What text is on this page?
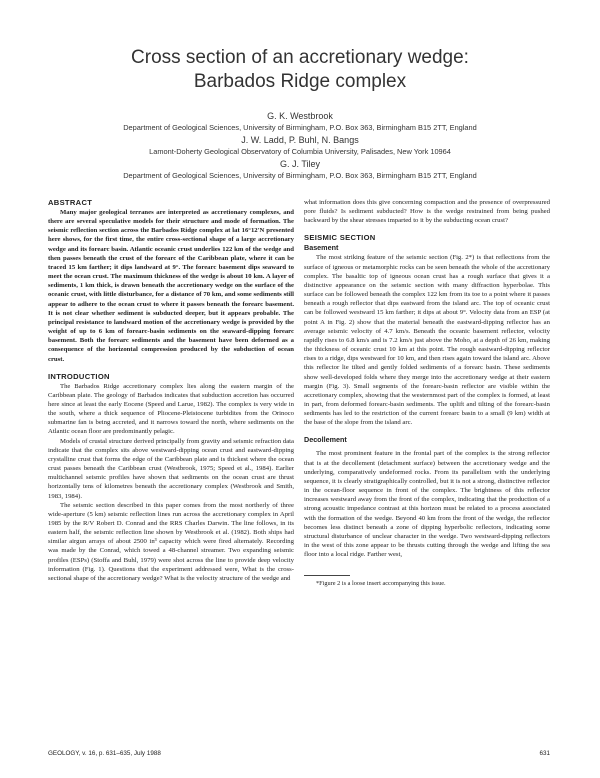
Cross section of an accretionary wedge:
Barbados Ridge complex
G. K. Westbrook
Department of Geological Sciences, University of Birmingham, P.O. Box 363, Birmingham B15 2TT, England
J. W. Ladd, P. Buhl, N. Bangs
Lamont-Doherty Geological Observatory of Columbia University, Palisades, New York 10964
G. J. Tiley
Department of Geological Sciences, University of Birmingham, P.O. Box 363, Birmingham B15 2TT, England
ABSTRACT

Many major geological terranes are interpreted as accretionary complexes, and there are several speculative models for their structure and mode of formation. The seismic reflection section across the Barbados Ridge complex at lat 16°12′N presented here shows, for the first time, the entire cross-sectional shape of a large accretionary wedge and its forearc basin. Atlantic oceanic crust underlies 122 km of the wedge and then passes beneath the crust of the forearc of the Caribbean plate, where it can be traced 15 km farther; it dips landward at 9°. The forearc basement dips seaward to meet the ocean crust. The maximum thickness of the wedge is about 10 km. A layer of sediments, 1 km thick, is drawn beneath the accretionary wedge on the surface of the oceanic crust, with little disturbance, for a distance of 70 km, and some sediments still appear to adhere to the ocean crust to where it passes beneath the forearc basement. It is not clear whether sediment is subducted deeper, but it appears probable. The principal resistance to landward motion of the accretionary wedge is provided by the weight of up to 6 km of forearc-basin sediments on the seaward-dipping forearc basement. Both the forearc sediments and the basement have been deformed as a consequence of the horizontal compression produced by the subduction of ocean crust.

INTRODUCTION

The Barbados Ridge accretionary complex lies along the eastern margin of the Caribbean plate. The geology of Barbados indicates that subduction accretion has occurred here since at least the early Eocene (Speed and Larue, 1982). The complex is very wide in the south, where a thick sequence of Pliocene-Pleistocene turbidites from the Orinoco submarine fan is being accreted, and it narrows toward the north, where sediments on the Atlantic ocean floor are predominantly pelagic.

Models of crustal structure derived principally from gravity and seismic refraction data indicate that the complex sits above westward-dipping ocean crust and eastward-dipping crystalline crust that forms the edge of the Caribbean plate and is thickest where the ocean crust passes beneath the Caribbean crust (Westbrook, 1975; Speed et al., 1984). Earlier multichannel seismic profiles have shown that sediments on the ocean crust are thrust horizontally tens of kilometres beneath the accretionary complex (Westbrook and Smith, 1983, 1984).

The seismic section described in this paper comes from the most northerly of three wide-aperture (5 km) seismic reflection lines run across the accretionary complex in April 1985 by the R/V Robert D. Conrad and the RRS Charles Darwin. The line follows, in its eastern half, the seismic reflection line shown by Westbrook et al. (1982). Both ships had similar airgun arrays of about 2500 in³ capacity which were fired alternately. Recording was made by the Conrad, which towed a 48-channel streamer. Two expanding seismic profiles (ESPs) (Stoffa and Buhl, 1979) were shot across the line to provide deep velocity information (Fig. 1). Questions that the experiment addressed were, What is the cross-sectional shape of the accretionary wedge? What is the velocity structure of the wedge and

what information does this give concerning compaction and the presence of overpressured pore fluids? Is sediment subducted? How is the wedge restrained from being pushed backward by the shear stresses imparted to it by the subducting ocean crust?

SEISMIC SECTION
Basement

The most striking feature of the seismic section (Fig. 2*) is that reflections from the surface of igneous or metamorphic rocks can be seen beneath the whole of the accretionary complex. The basaltic top of igneous ocean crust has a rough surface that gives it a distinctive appearance on the seismic section with many diffraction hyperbolae. This surface can be followed beneath the complex 122 km from its toe to a point where it passes beneath a rough reflector that dips eastward from the island arc. The top of oceanic crust can be followed westward 15 km farther; it dips at about 9°. Velocity data from an ESP (at point A in Fig. 2) show that the material beneath the eastward-dipping reflector has an average seismic velocity of 4.7 km/s. Beneath the oceanic basement reflector, velocity rapidly rises to 6.8 km/s and is 7.2 km/s just above the Moho, at a depth of 26 km, making the thickness of oceanic crust 10 km at this point. The rough eastward-dipping reflector rises to a ridge, dips westward for 10 km, and then rises again toward the island arc. Above this reflector lie tilted and gently folded sediments of a forearc basin. These sediments show well-developed folds where they merge into the accretionary wedge at their eastern margin (Fig. 3). Small segments of the forearc-basin reflector are visible within the accretionary complex, showing that the westernmost part of the complex is formed, at least in part, from deformed forearc-basin sediments. The uplift and tilting of the forearc-basin sediments has led to the restriction of the current forearc basin to a small (9 km) width at the base of the slope from the island arc.

Decollement

The most prominent feature in the frontal part of the complex is the strong reflector that is at the decollement (detachment surface) between the accretionary wedge and the underlying, comparatively undeformed rocks. From its parallelism with the underlying sequence, it is clearly stratigraphically controlled, but it is not a strong, distinctive reflector in the ocean-floor sequence in front of the complex. The brightness of this reflector increases westward away from the front of the complex, indicating that the production of a strong acoustic impedance contrast at this horizon must be related to a process associated with the formation of the wedge. Beyond 40 km from the front of the wedge, the reflector becomes less distinct beneath a zone of dipping hyperbolic reflectors, indicating some structural disturbance of unclear character in the wedge. Two westward-dipping reflectors in the west of this zone appear to be thrusts cutting through the wedge and lifting the sea floor into a local ridge. Farther west,

*Figure 2 is a loose insert accompanying this issue.

GEOLOGY, v. 16, p. 631–635, July 1988	631
